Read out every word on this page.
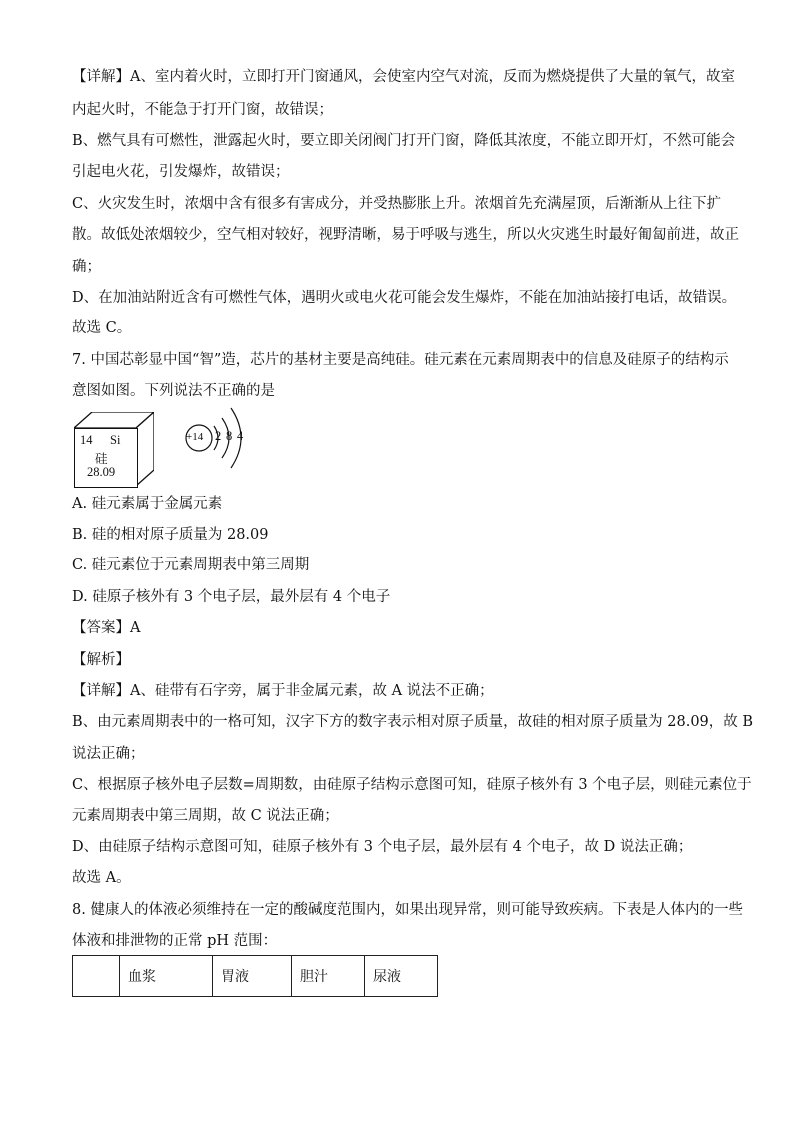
【详解】A、室内着火时，立即打开门窗通风，会使室内空气对流，反而为燃烧提供了大量的氧气，故室
内起火时，不能急于打开门窗，故错误；
B、燃气具有可燃性，泄露起火时，要立即关闭阀门打开门窗，降低其浓度，不能立即开灯，不然可能会
引起电火花，引发爆炸，故错误；
C、火灾发生时，浓烟中含有很多有害成分，并受热膨胀上升。浓烟首先充满屋顶，后渐渐从上往下扩
散。故低处浓烟较少，空气相对较好，视野清晰，易于呼吸与逃生，所以火灾逃生时最好匍匐前进，故正
确；
D、在加油站附近含有可燃性气体，遇明火或电火花可能会发生爆炸，不能在加油站接打电话，故错误。
故选 C。
7. 中国芯彰显中国“智”造，芯片的基材主要是高纯硅。硅元素在元素周期表中的信息及硅原子的结构示
意图如图。下列说法不正确的是
14 Si
硅
28.09
+14 2 8 4
A. 硅元素属于金属元素
B. 硅的相对原子质量为 28.09
C. 硅元素位于元素周期表中第三周期
D. 硅原子核外有 3 个电子层，最外层有 4 个电子
【答案】A
【解析】
【详解】A、硅带有石字旁，属于非金属元素，故 A 说法不正确；
B、由元素周期表中的一格可知，汉字下方的数字表示相对原子质量，故硅的相对原子质量为 28.09，故 B
说法正确；
C、根据原子核外电子层数=周期数，由硅原子结构示意图可知，硅原子核外有 3 个电子层，则硅元素位于
元素周期表中第三周期，故 C 说法正确；
D、由硅原子结构示意图可知，硅原子核外有 3 个电子层，最外层有 4 个电子，故 D 说法正确；
故选 A。
8. 健康人的体液必须维持在一定的酸碱度范围内，如果出现异常，则可能导致疾病。下表是人体内的一些
体液和排泄物的正常 pH 范围：
	血浆	胃液	胆汁	尿液
